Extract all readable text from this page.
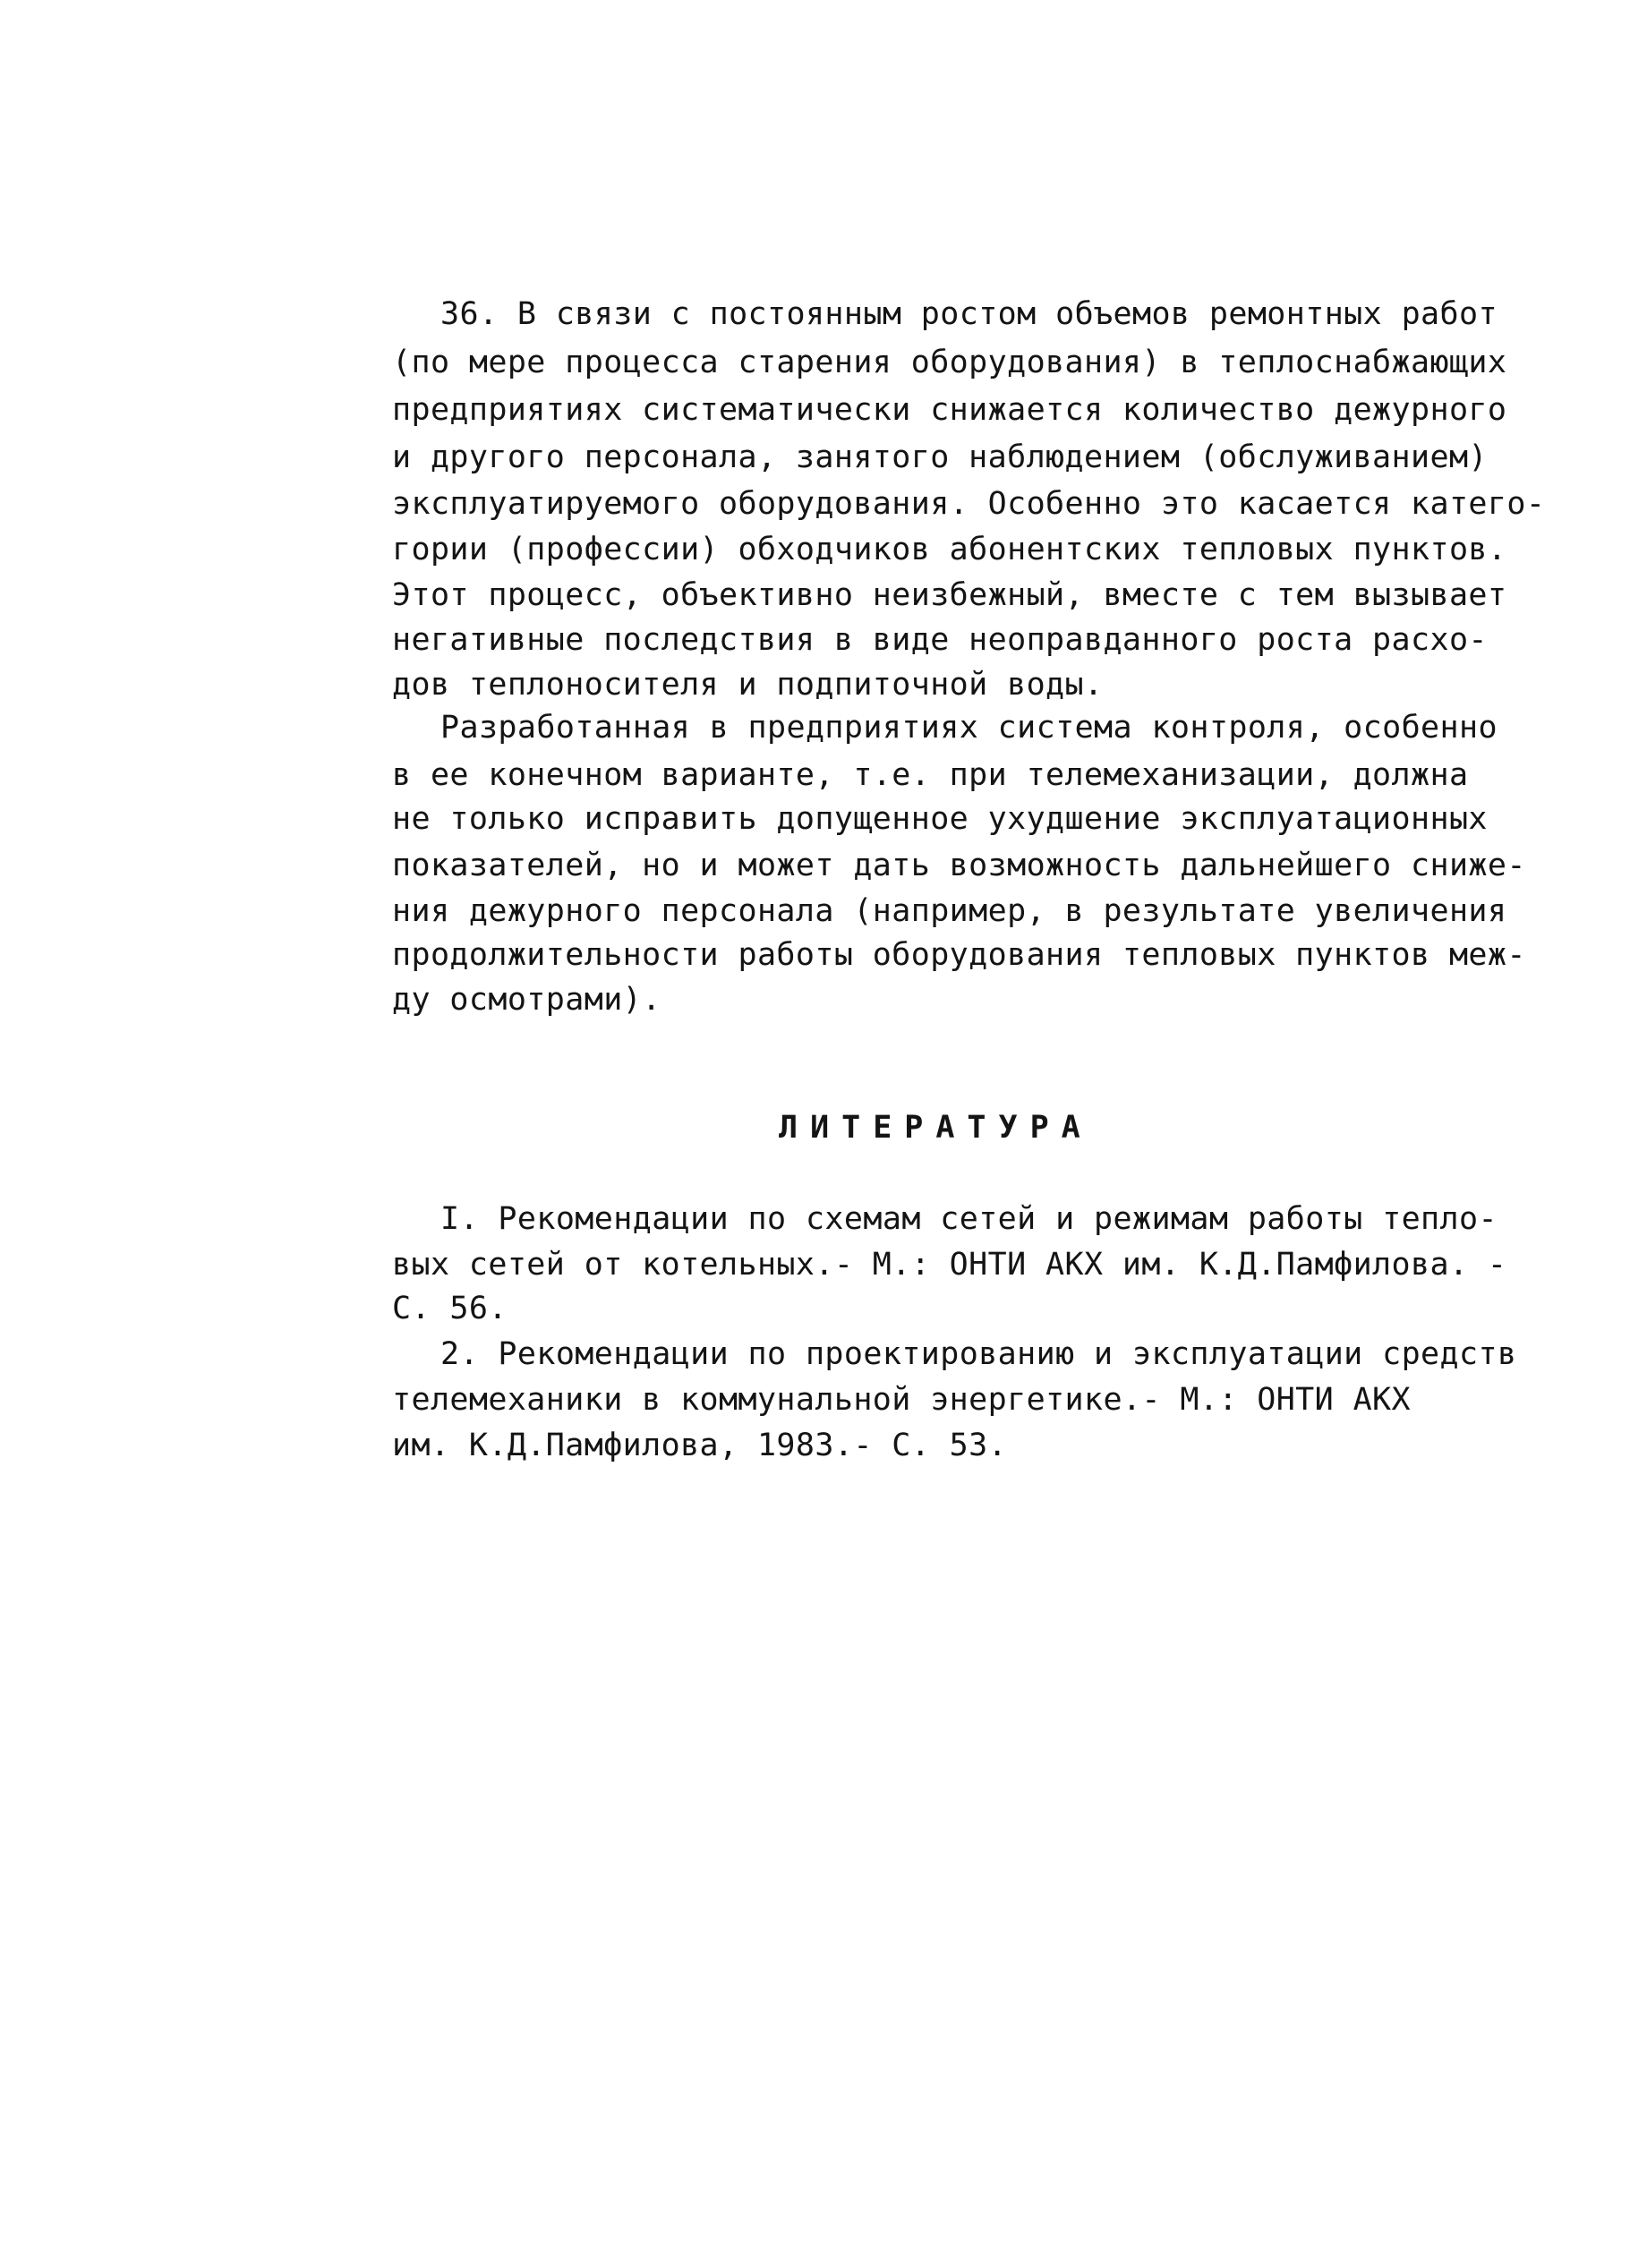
36. В связи с постоянным ростом объемов ремонтных работ
(по мере процесса старения оборудования) в теплоснабжающих
предприятиях систематически снижается количество дежурного
и другого персонала, занятого наблюдением (обслуживанием)
эксплуатируемого оборудования. Особенно это касается катего-
гории (профессии) обходчиков абонентских тепловых пунктов.
Этот процесс, объективно неизбежный, вместе с тем вызывает
негативные последствия в виде неоправданного роста расхо-
дов теплоносителя и подпиточной воды.
Разработанная в предприятиях система контроля, особенно
в ее конечном варианте, т.е. при телемеханизации, должна
не только исправить допущенное ухудшение эксплуатационных
показателей, но и может дать возможность дальнейшего сниже-
ния дежурного персонала (например, в результате увеличения
продолжительности работы оборудования тепловых пунктов меж-
ду осмотрами).
ЛИТЕРАТУРА
I. Рекомендации по схемам сетей и режимам работы тепло-
вых сетей от котельных.- М.: ОНТИ АКХ им. К.Д.Памфилова. -
С. 56.
2. Рекомендации по проектированию и эксплуатации средств
телемеханики в коммунальной энергетике.- М.: ОНТИ АКХ
им. К.Д.Памфилова, 1983.- С. 53.
